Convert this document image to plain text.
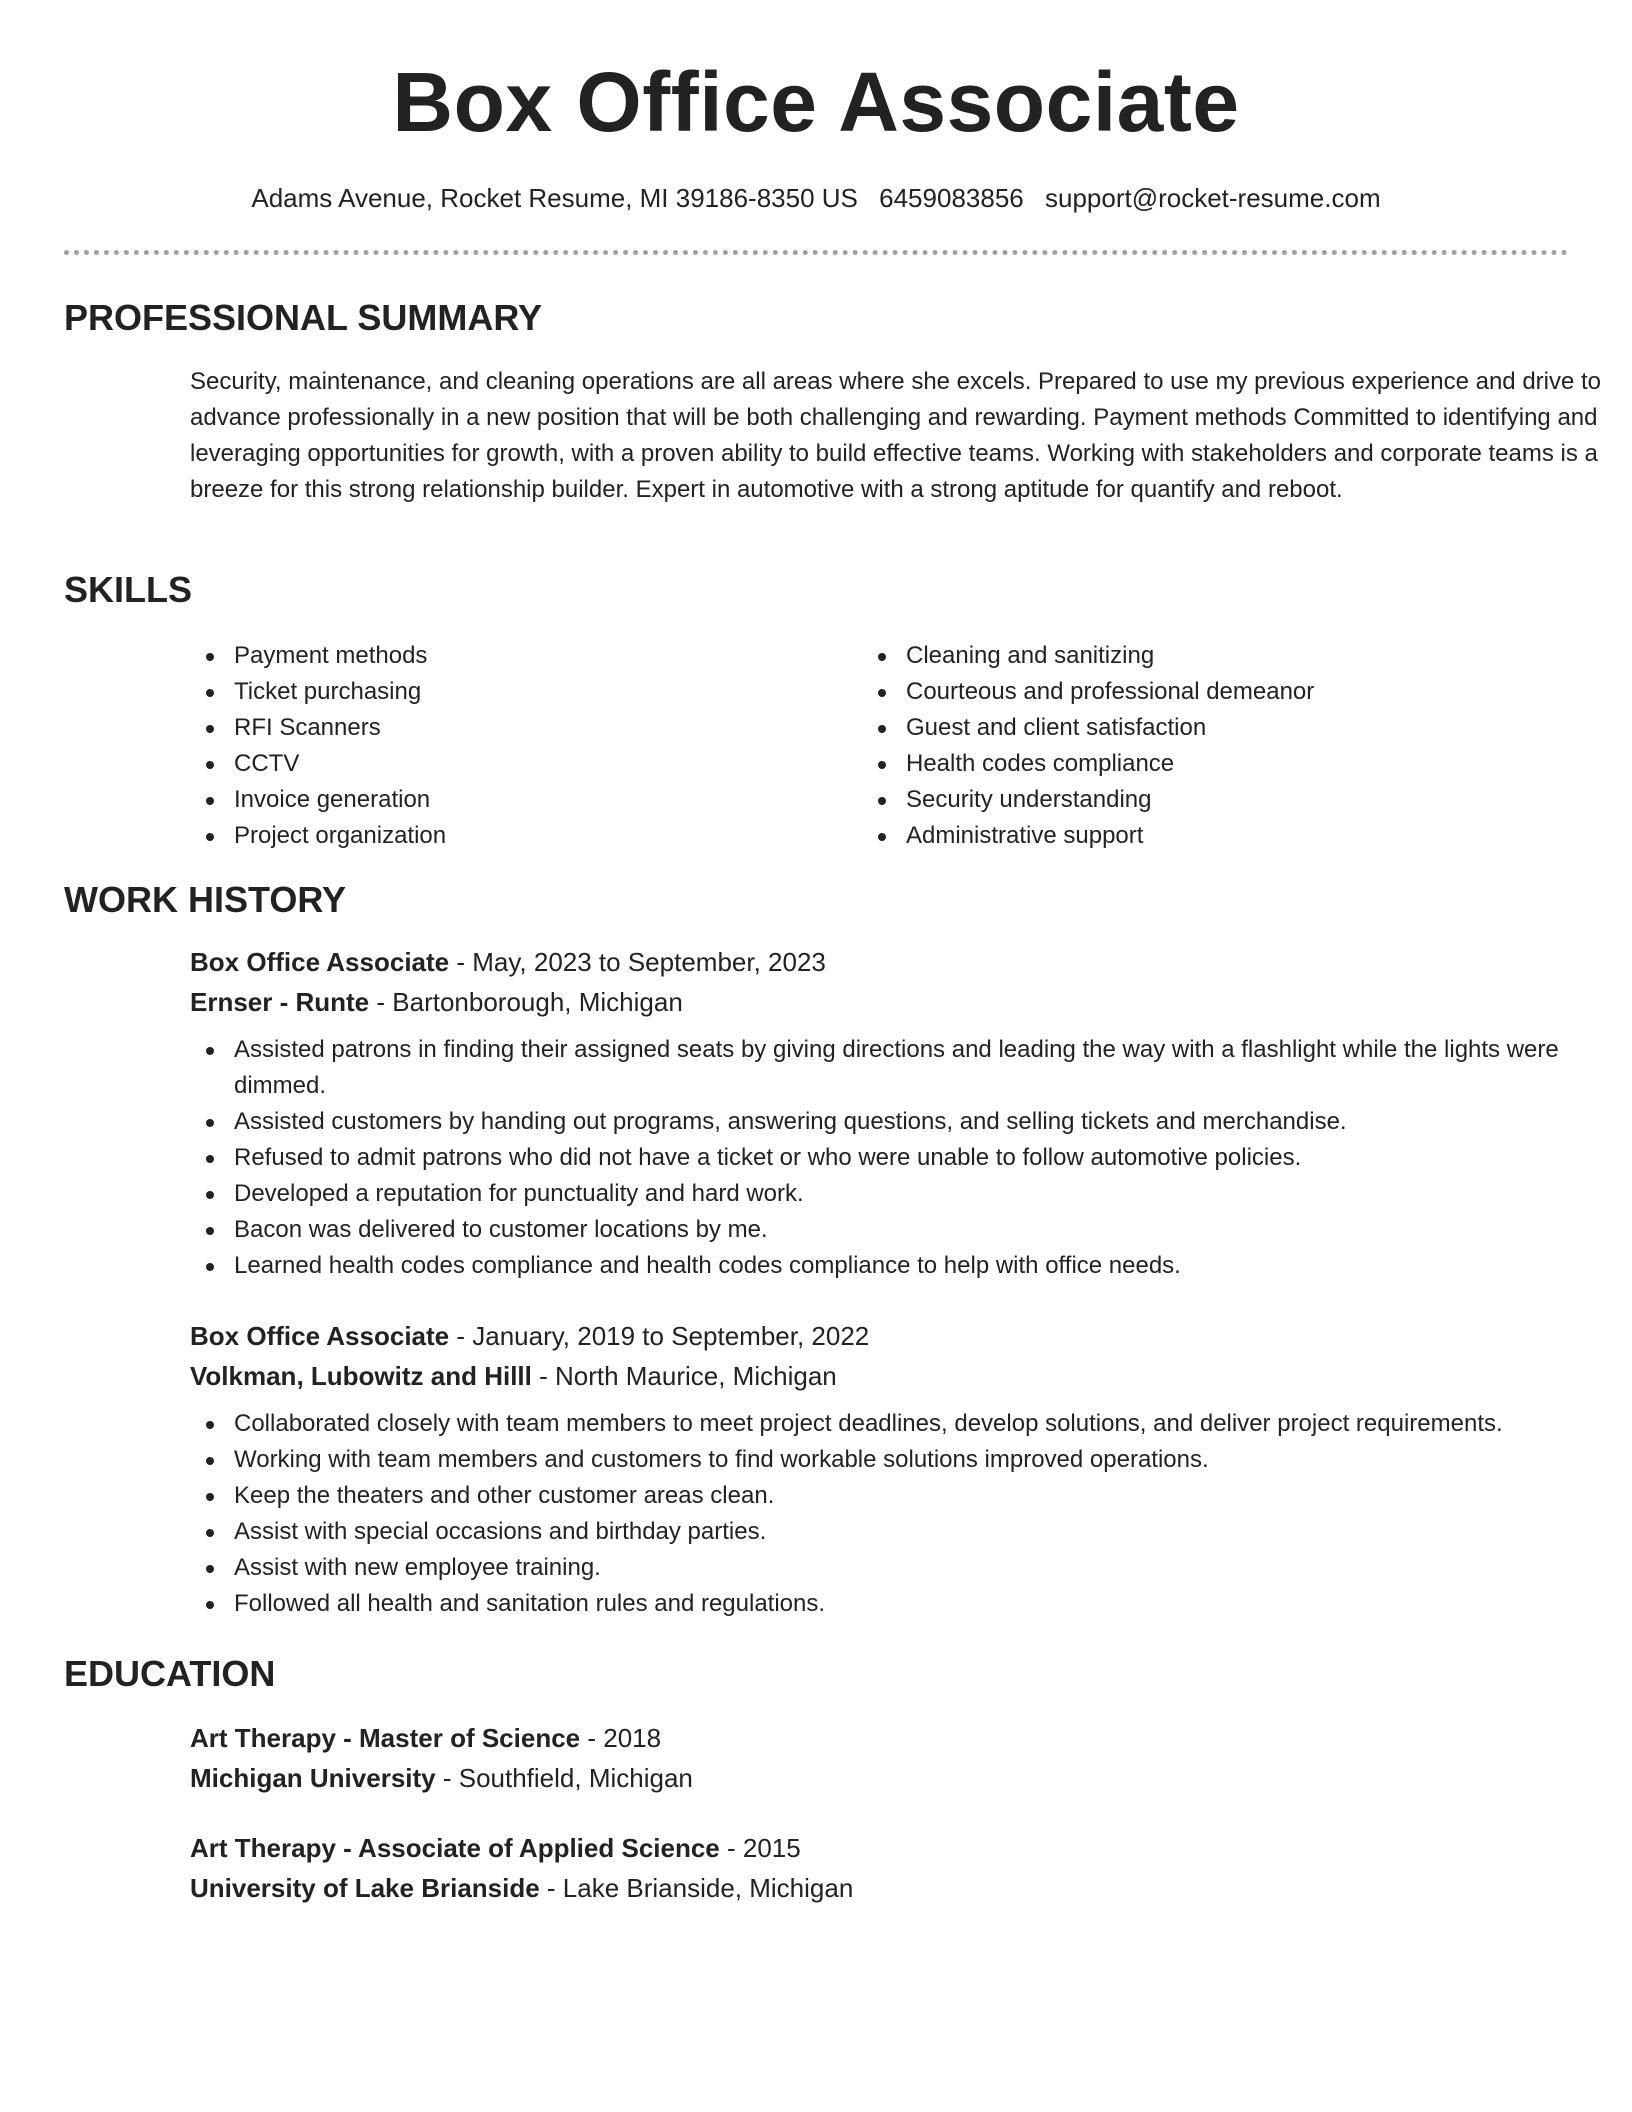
Box Office Associate
Adams Avenue, Rocket Resume, MI 39186-8350 US 6459083856 support@rocket-resume.com
PROFESSIONAL SUMMARY

Security, maintenance, and cleaning operations are all areas where she excels. Prepared to use my previous experience and drive to advance professionally in a new position that will be both challenging and rewarding. Payment methods Committed to identifying and leveraging opportunities for growth, with a proven ability to build effective teams. Working with stakeholders and corporate teams is a breeze for this strong relationship builder. Expert in automotive with a strong aptitude for quantify and reboot.

SKILLS
Payment methods
Ticket purchasing
RFI Scanners
CCTV
Invoice generation
Project organization
Cleaning and sanitizing
Courteous and professional demeanor
Guest and client satisfaction
Health codes compliance
Security understanding
Administrative support
WORK HISTORY
Box Office Associate - May, 2023 to September, 2023
Ernser - Runte - Bartonborough, Michigan
Assisted patrons in finding their assigned seats by giving directions and leading the way with a flashlight while the lights were dimmed.
Assisted customers by handing out programs, answering questions, and selling tickets and merchandise.
Refused to admit patrons who did not have a ticket or who were unable to follow automotive policies.
Developed a reputation for punctuality and hard work.
Bacon was delivered to customer locations by me.
Learned health codes compliance and health codes compliance to help with office needs.
Box Office Associate - January, 2019 to September, 2022
Volkman, Lubowitz and Hilll - North Maurice, Michigan
Collaborated closely with team members to meet project deadlines, develop solutions, and deliver project requirements.
Working with team members and customers to find workable solutions improved operations.
Keep the theaters and other customer areas clean.
Assist with special occasions and birthday parties.
Assist with new employee training.
Followed all health and sanitation rules and regulations.
EDUCATION
Art Therapy - Master of Science - 2018
Michigan University - Southfield, Michigan
Art Therapy - Associate of Applied Science - 2015
University of Lake Brianside - Lake Brianside, Michigan
